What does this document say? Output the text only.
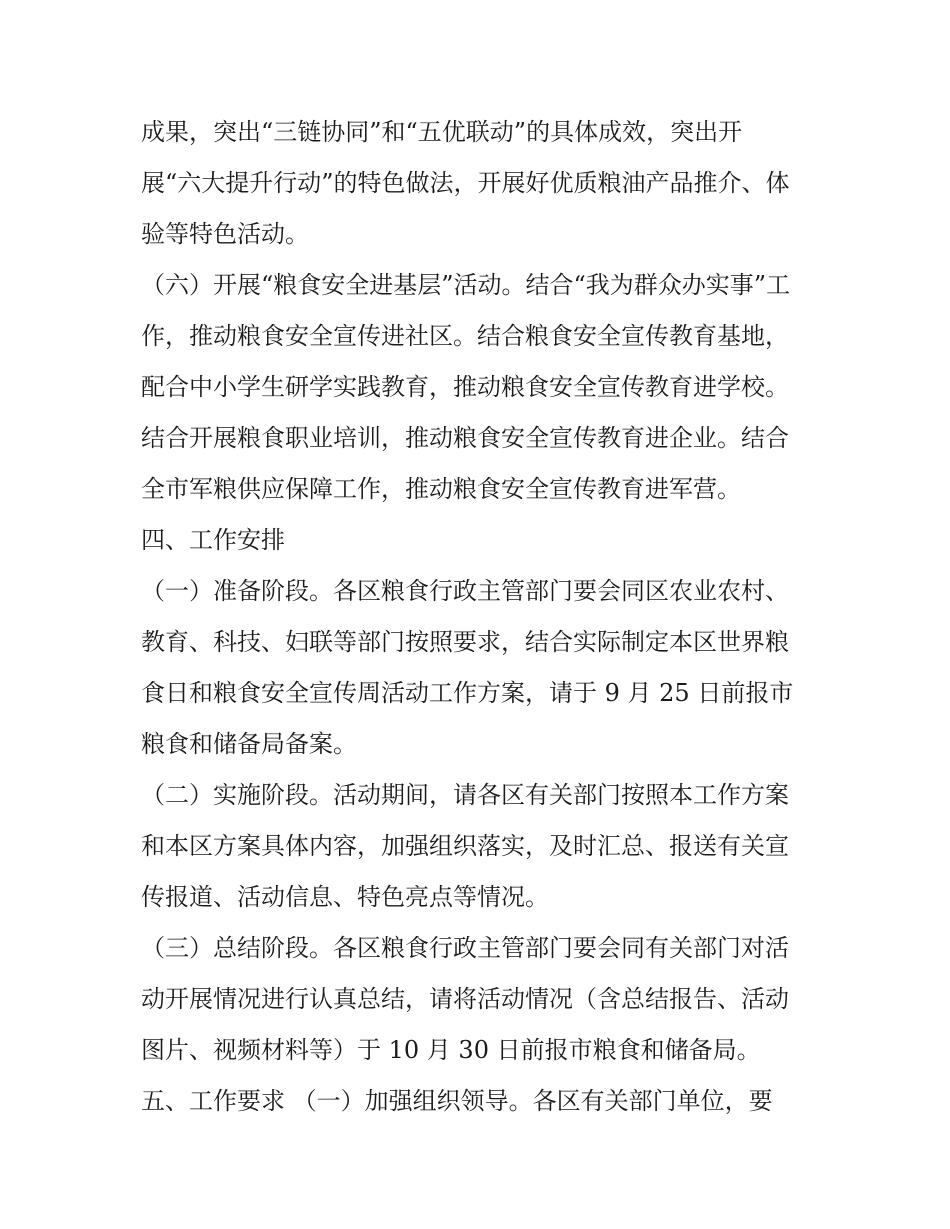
成果，突出“三链协同”和“五优联动”的具体成效，突出开
展“六大提升行动”的特色做法，开展好优质粮油产品推介、体
验等特色活动。
（六）开展“粮食安全进基层”活动。结合“我为群众办实事”工
作，推动粮食安全宣传进社区。结合粮食安全宣传教育基地，
配合中小学生研学实践教育，推动粮食安全宣传教育进学校。
结合开展粮食职业培训，推动粮食安全宣传教育进企业。结合
全市军粮供应保障工作，推动粮食安全宣传教育进军营。
四、工作安排
（一）准备阶段。各区粮食行政主管部门要会同区农业农村、
教育、科技、妇联等部门按照要求，结合实际制定本区世界粮
食日和粮食安全宣传周活动工作方案，请于 9 月 25 日前报市
粮食和储备局备案。
（二）实施阶段。活动期间，请各区有关部门按照本工作方案
和本区方案具体内容，加强组织落实，及时汇总、报送有关宣
传报道、活动信息、特色亮点等情况。
（三）总结阶段。各区粮食行政主管部门要会同有关部门对活
动开展情况进行认真总结，请将活动情况（含总结报告、活动
图片、视频材料等）于 10 月 30 日前报市粮食和储备局。
五、工作要求 （一）加强组织领导。各区有关部门单位，要
